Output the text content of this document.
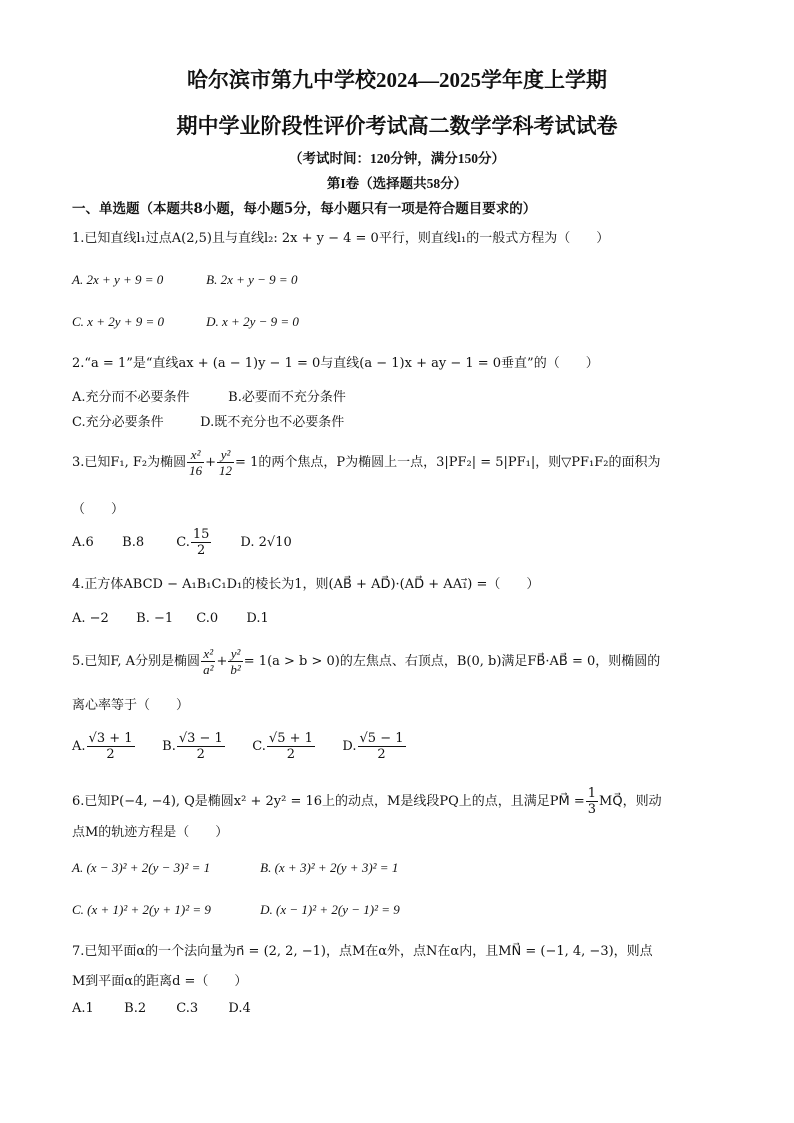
哈尔滨市第九中学校2024—2025学年度上学期
期中学业阶段性评价考试高二数学学科考试试卷
（考试时间：120分钟，满分150分）
第I卷（选择题共58分）
一、单选题（本题共8小题，每小题5分，每小题只有一项是符合题目要求的）
1.已知直线l₁过点A(2,5)且与直线l₂: 2x + y − 4 = 0平行，则直线l₁的一般式方程为（　　）
A. 2x + y + 9 = 0	B. 2x + y − 9 = 0
C. x + 2y + 9 = 0	D. x + 2y − 9 = 0
2.“a = 1”是“直线ax + (a − 1)y − 1 = 0与直线(a − 1)x + ay − 1 = 0垂直”的（　　）
A.充分而不必要条件	B.必要而不充分条件
C.充分必要条件	D.既不充分也不必要条件
3.已知F₁, F₂为椭圆 $\frac{\text{x²}}{16} + \frac{\text{y²}}{12} = 1$的两个焦点，P为椭圆上一点，3|PF₂| = 5|PF₁|，则▽PF₁F₂的面积为
（　　）
A.6 B.8 C. $\frac{15}{2} D$. 2√10
4.正方体ABCD − A₁B₁C₁D₁的棱长为1，则(AB⃗ + AD⃗)·(AD⃗ + AA₁⃗) =（　　）
A. −2 B. −1 C.0 D.1
5.已知F, A分别是椭圆 $\frac{\text{x²}}{\text{a²}} + \frac{\text{y²}}{\text{b²}} = 1(a > b > 0)$的左焦点、右顶点，B(0, b)满足FB⃗·AB⃗ = 0，则椭圆的
离心率等于（　　）
A. $\frac{√3 + 1}{2} B$. $\frac{√3 - 1}{2} C$. $\frac{√5 + 1}{2} D$. $\frac{√5 - 1}{2}$
6.已知P(−4, −4), Q是椭圆x² + 2y² = 16上的动点，M是线段PQ上的点，且满足PM⃗ = $\frac{1}{3}$ MQ⃗，则动
点M的轨迹方程是（　　）
A. (x − 3)² + 2(y − 3)² = 1	B. (x + 3)² + 2(y + 3)² = 1
C. (x + 1)² + 2(y + 1)² = 9	D. (x − 1)² + 2(y − 1)² = 9
7.已知平面α的一个法向量为n⃗ = (2, 2, −1)，点M在α外，点N在α内，且MN⃗ = (−1, 4, −3)，则点
M到平面α的距离d =（　　）
A.1 B.2 C.3 D.4
